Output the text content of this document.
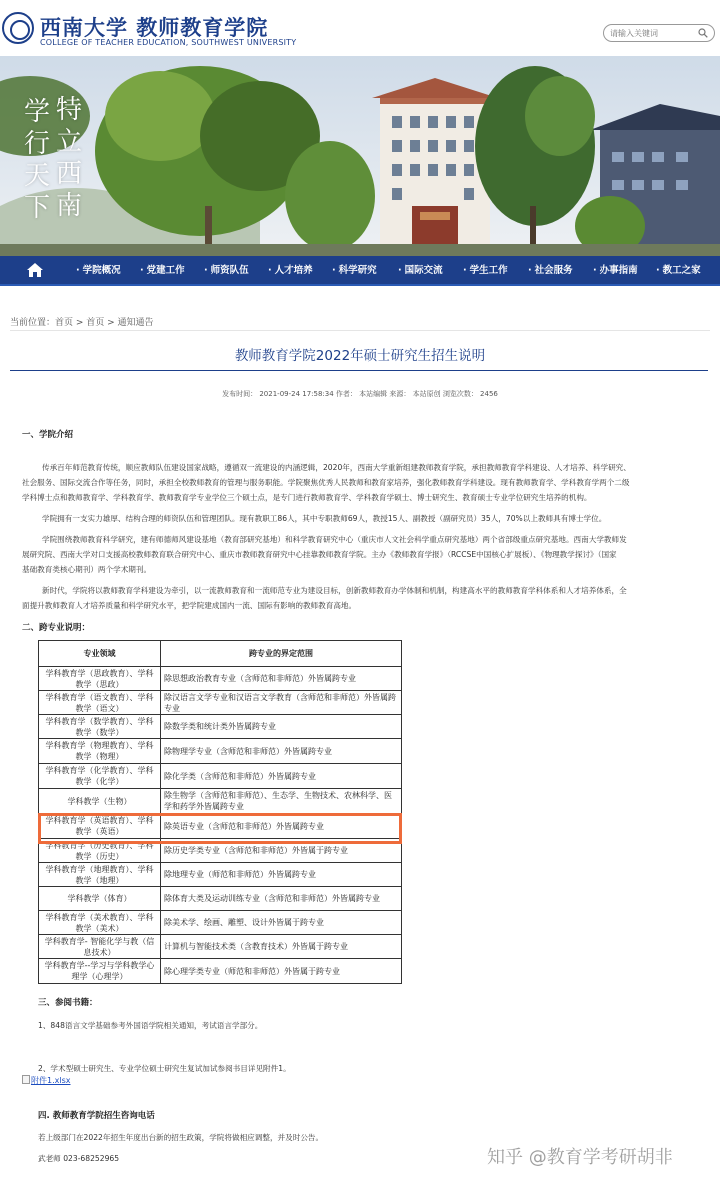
西南大学 教师教育学院
COLLEGE OF TEACHER EDUCATION, SOUTHWEST UNIVERSITY
请输入关键词
特立西南
学行天下
· 学院概况	· 党建工作	· 师资队伍	· 人才培养	· 科学研究	· 国际交流	· 学生工作	· 社会服务	· 办事指南	· 教工之家
当前位置：首页 > 首页 > 通知通告
教师教育学院2022年硕士研究生招生说明
发布时间： 2021-09-24 17:58:34 作者： 本站编辑 来源： 本站原创 浏览次数： 2456
一、学院介绍
传承百年师范教育传统，顺应教师队伍建设国家战略，遵循双一流建设的内涵逻辑，2020年，西南大学重新组建教师教育学院，承担教师教育学科建设、人才培养、科学研究、
社会服务、国际交流合作等任务，同时，承担全校教师教育的管理与服务职能。学院聚焦优秀人民教师和教育家培养，强化教师教育学科建设。现有教师教育学、学科教育学两个二级
学科博士点和教师教育学、学科教育学、教师教育学专业学位三个硕士点，是专门进行教师教育学、学科教育学硕士、博士研究生、教育硕士专业学位研究生培养的机构。
学院拥有一支实力雄厚、结构合理的师资队伍和管理团队。现有教职工86人，其中专职教师69人，教授15人、副教授（副研究员）35人，70%以上教师具有博士学位。
学院围绕教师教育科学研究，建有师德师风建设基地（教育部研究基地）和科学教育研究中心（重庆市人文社会科学重点研究基地）两个省部级重点研究基地。西南大学教师发
展研究院、西南大学对口支援高校教师教育联合研究中心、重庆市教师教育研究中心挂靠教师教育学院。主办《教师教育学报》（RCCSE中国核心扩展板）、《物理教学探讨》（国家
基础教育类核心期刊）两个学术期刊。
新时代，学院将以教师教育学科建设为牵引，以一流教师教育和一流师范专业为建设目标，创新教师教育办学体制和机制，构建高水平的教师教育学科体系和人才培养体系，全
面提升教师教育人才培养质量和科学研究水平，把学院建成国内一流、国际有影响的教师教育高地。
二、跨专业说明：
专业领域	跨专业的界定范围
学科教育学（思政教育）、学科教学（思政）	除思想政治教育专业（含师范和非师范）外皆属跨专业
学科教育学（语文教育）、学科教学（语文）	除汉语言文学专业和汉语言文学教育（含师范和非师范）外皆属跨专业
学科教育学（数学教育）、学科教学（数学）	除数学类和统计类外皆属跨专业
学科教育学（物理教育）、学科教学（物理）	除物理学专业（含师范和非师范）外皆属跨专业
学科教育学（化学教育）、学科教学（化学）	除化学类（含师范和非师范）外皆属跨专业
学科教学（生物）	除生物学（含师范和非师范）、生态学、生物技术、农林科学、医学和药学外皆属跨专业
学科教育学（英语教育）、学科教学（英语）	除英语专业（含师范和非师范）外皆属跨专业
学科教育学（历史教育）、学科教学（历史）	除历史学类专业（含师范和非师范）外皆属于跨专业
学科教育学（地理教育）、学科教学（地理）	除地理专业（师范和非师范）外皆属跨专业
学科教学（体育）	除体育大类及运动训练专业（含师范和非师范）外皆属跨专业
学科教育学（美术教育）、学科教学（美术）	除美术学、绘画、雕塑、设计外皆属于跨专业
学科教育学- 智能化学与教（信息技术）	计算机与智能技术类（含教育技术）外皆属于跨专业
学科教育学--学习与学科教学心理学（心理学）	除心理学类专业（师范和非师范）外皆属于跨专业
三、参阅书籍：
1、848语言文学基础参考外国语学院相关通知，考试语言学部分。
2、学术型硕士研究生、专业学位硕士研究生复试加试参阅书目详见附件1。
附件1.xlsx
四. 教师教育学院招生咨询电话
若上级部门在2022年招生年度出台新的招生政策，学院将做相应调整，并及时公告。
武老师 023-68252965	知乎 @教育学考研胡非
